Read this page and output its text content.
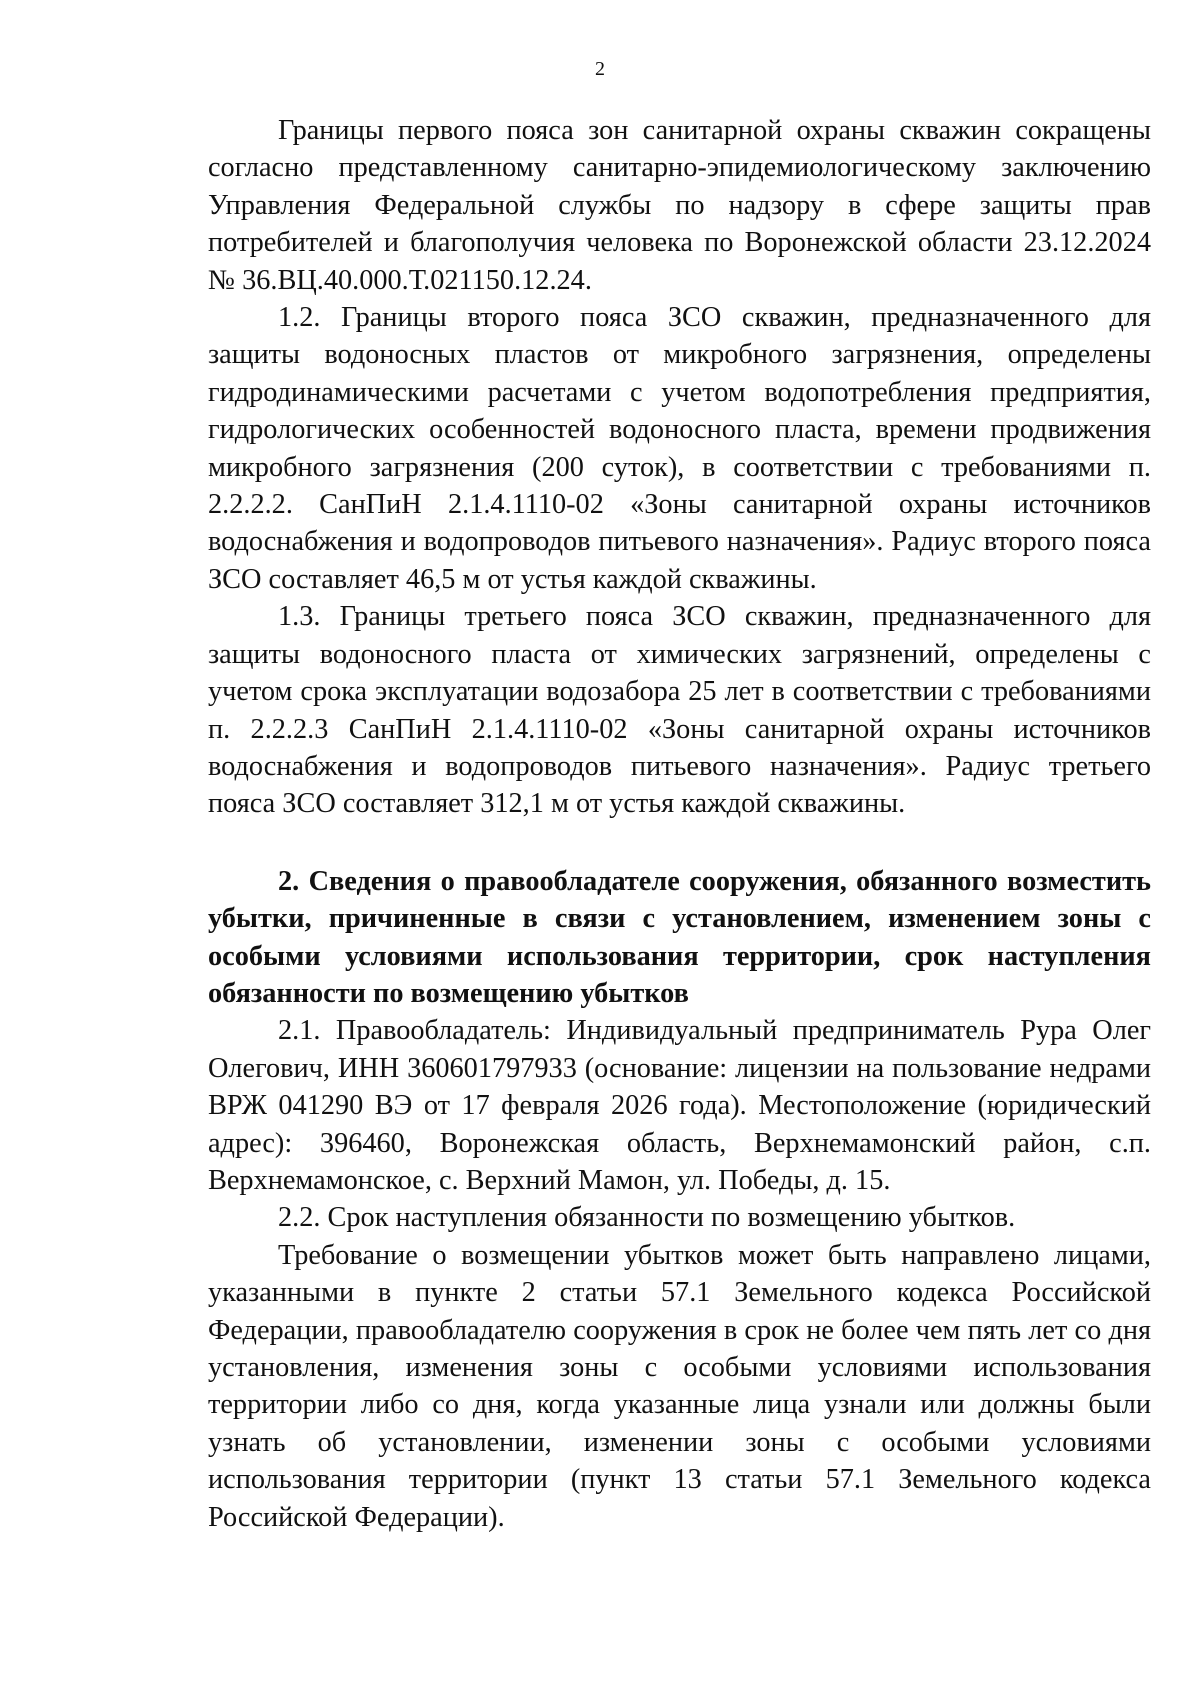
2

Границы первого пояса зон санитарной охраны скважин сокращены согласно представленному санитарно-эпидемиологическому заключению Управления Федеральной службы по надзору в сфере защиты прав потребителей и благополучия человека по Воронежской области 23.12.2024 № 36.ВЦ.40.000.Т.021150.12.24.

1.2. Границы второго пояса ЗСО скважин, предназначенного для защиты водоносных пластов от микробного загрязнения, определены гидродинамическими расчетами с учетом водопотребления предприятия, гидрологических особенностей водоносного пласта, времени продвижения микробного загрязнения (200 суток), в соответствии с требованиями п. 2.2.2.2. СанПиН 2.1.4.1110-02 «Зоны санитарной охраны источников водоснабжения и водопроводов питьевого назначения». Радиус второго пояса ЗСО составляет 46,5 м от устья каждой скважины.

1.3. Границы третьего пояса ЗСО скважин, предназначенного для защиты водоносного пласта от химических загрязнений, определены с учетом срока эксплуатации водозабора 25 лет в соответствии с требованиями п. 2.2.2.3 СанПиН 2.1.4.1110-02 «Зоны санитарной охраны источников водоснабжения и водопроводов питьевого назначения». Радиус третьего пояса ЗСО составляет 312,1 м от устья каждой скважины.

2. Сведения о правообладателе сооружения, обязанного возместить убытки, причиненные в связи с установлением, изменением зоны с особыми условиями использования территории, срок наступления обязанности по возмещению убытков

2.1. Правообладатель: Индивидуальный предприниматель Рура Олег Олегович, ИНН 360601797933 (основание: лицензии на пользование недрами ВРЖ 041290 ВЭ от 17 февраля 2026 года). Местоположение (юридический адрес): 396460, Воронежская область, Верхнемамонский район, с.п. Верхнемамонское, с. Верхний Мамон, ул. Победы, д. 15.

2.2. Срок наступления обязанности по возмещению убытков.

Требование о возмещении убытков может быть направлено лицами, указанными в пункте 2 статьи 57.1 Земельного кодекса Российской Федерации, правообладателю сооружения в срок не более чем пять лет со дня установления, изменения зоны с особыми условиями использования территории либо со дня, когда указанные лица узнали или должны были узнать об установлении, изменении зоны с особыми условиями использования территории (пункт 13 статьи 57.1 Земельного кодекса Российской Федерации).
